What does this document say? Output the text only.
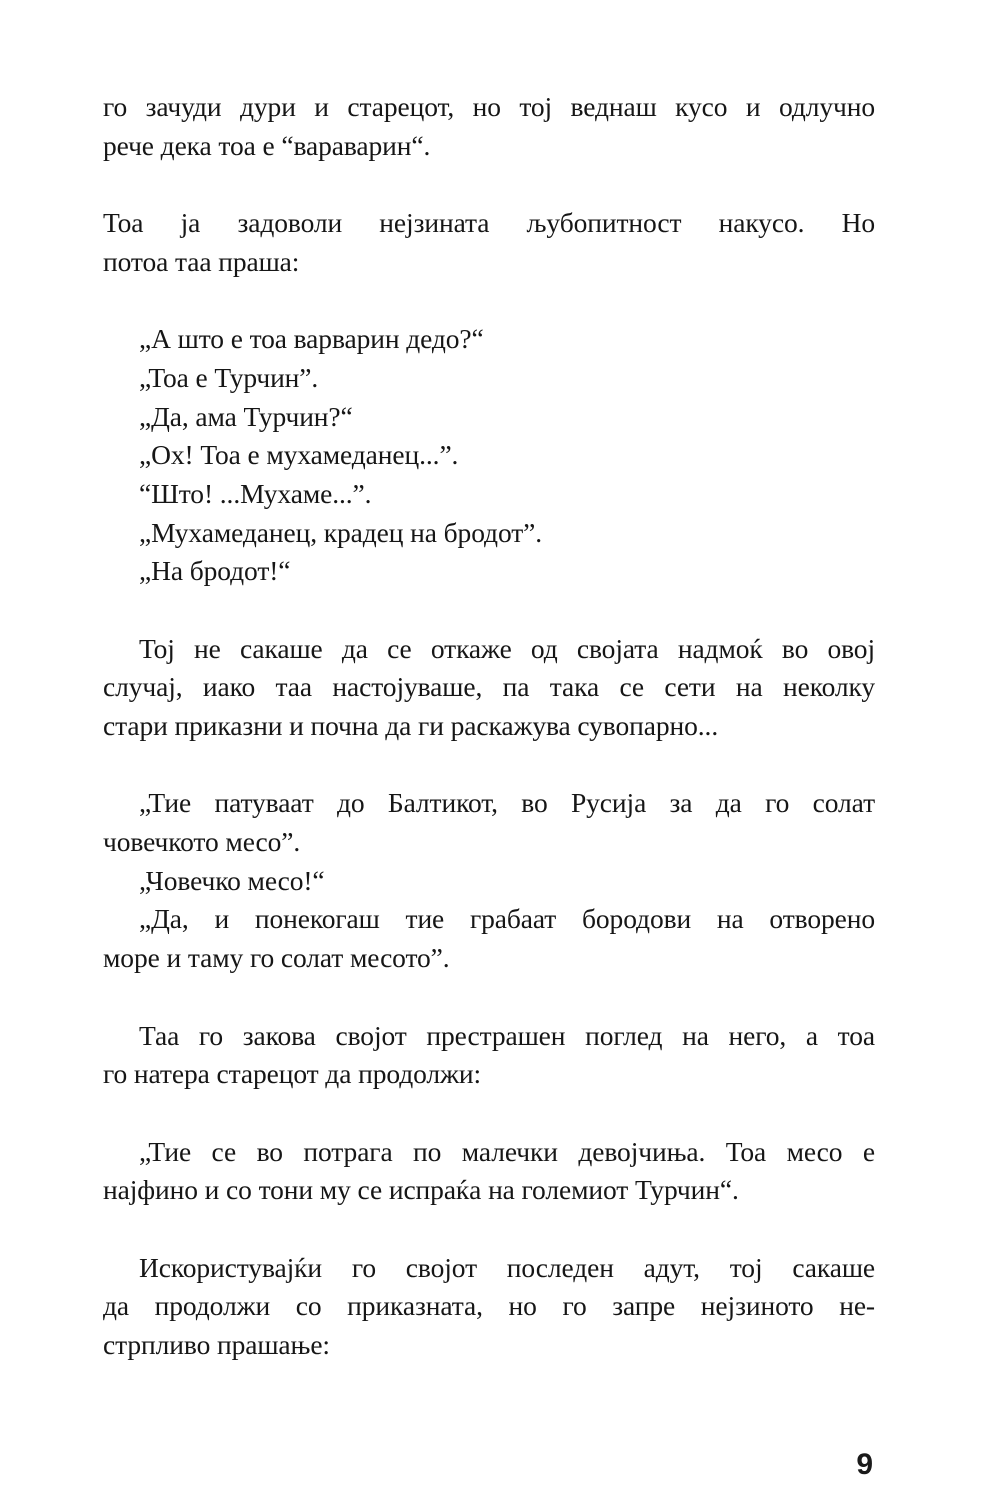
го зачуди дури и старецот, но тој веднаш кусо и одлучно
рече дека тоа е “вараварин“.

Тоа ја задоволи нејзината љубопитност накусо. Но
потоа таа праша:

„А што е тоа варварин дедо?“

„Тоа е Турчин”.

„Да, ама Турчин?“

„Ох! Тоа е мухамеданец...”.

“Што! ...Мухаме...”.

„Мухамеданец, крадец на бродот”.

„На бродот!“

Тој не сакаше да се откаже од својата надмоќ во овој
случај, иако таа настојуваше, па така се сети на неколку
стари приказни и почна да ги раскажува сувопарно...

„Тие патуваат до Балтикот, во Русија за да го солат
човечкото месо”.

„Човечко месо!“

„Да, и понекогаш тие грабаат бородови на отворено
море и таму го солат месото”.

Таа го закова својот престрашен поглед на него, а тоа
го натера старецот да продолжи:

„Тие се во потрага по малечки девојчиња. Тоа месо е
најфино и со тони му се испраќа на големиот Турчин“.

Искористувајќи го својот последен адут, тој сакаше
да продолжи со приказната, но го запре нејзиното не-
стрпливо прашање:

9
